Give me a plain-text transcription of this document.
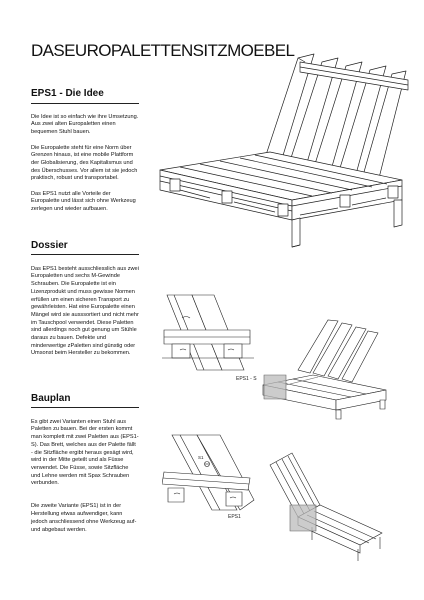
DASEUROPALETTENSITZMOEBEL
EPS1 - Die Idee

Die Idee ist so einfach wie ihre Umsetzung. Aus zwei alten Europaletten einen bequemen Stuhl bauen.

Die Europalette steht für eine Norm über Grenzen hinaus, ist eine mobile Plattform der Globalisierung, des Kapitalismus und des Überschusses. Vor allem ist sie jedoch praktisch, robust und transportabel.

Das EPS1 nutzt alle Vorteile der Europalette und lässt sich ohne Werkzeug zerlegen und wieder aufbauen.

Dossier

Das EPS1 besteht ausschliesslich aus zwei Europaletten und sechs M-Gewinde Schrauben. Die Europalette ist ein Lizenzprodukt und muss gewisse Normen erfüllen um einen sicheren Transport zu gewährleisten. Hat eine Europalette einen Mängel wird sie ausssortiert und nicht mehr im Tauschpool verwendet. Diese Paletten sind allerdings noch gut genung um Stühle daraus zu bauen. Defekte und minderwertige zPaletten sind günstig oder Umsonst beim Hersteller zu bekommen.

Bauplan

Es gibt zwei Varianten einen Stuhl aus Paletten zu bauen. Bei der ersten kommt man komplett mit zwei Paletten aus (EPS1-S). Das Brett, welches aus der Palette fällt - die Sitzfläche ergibt heraus gesägt wird, wird in der Mitte geteilt und als Füsse verwendet. Die Füsse, sowie Sitzfläche und Lehne werden mit Spax Schrauben verbunden.

Die zweite Variante (EPS1) ist in der Herstellung etwas aufwendiger, kann jedoch anschliessend ohne Werkzeug auf- und abgebaut werden.

EPS1 - S
S1
EPS1
